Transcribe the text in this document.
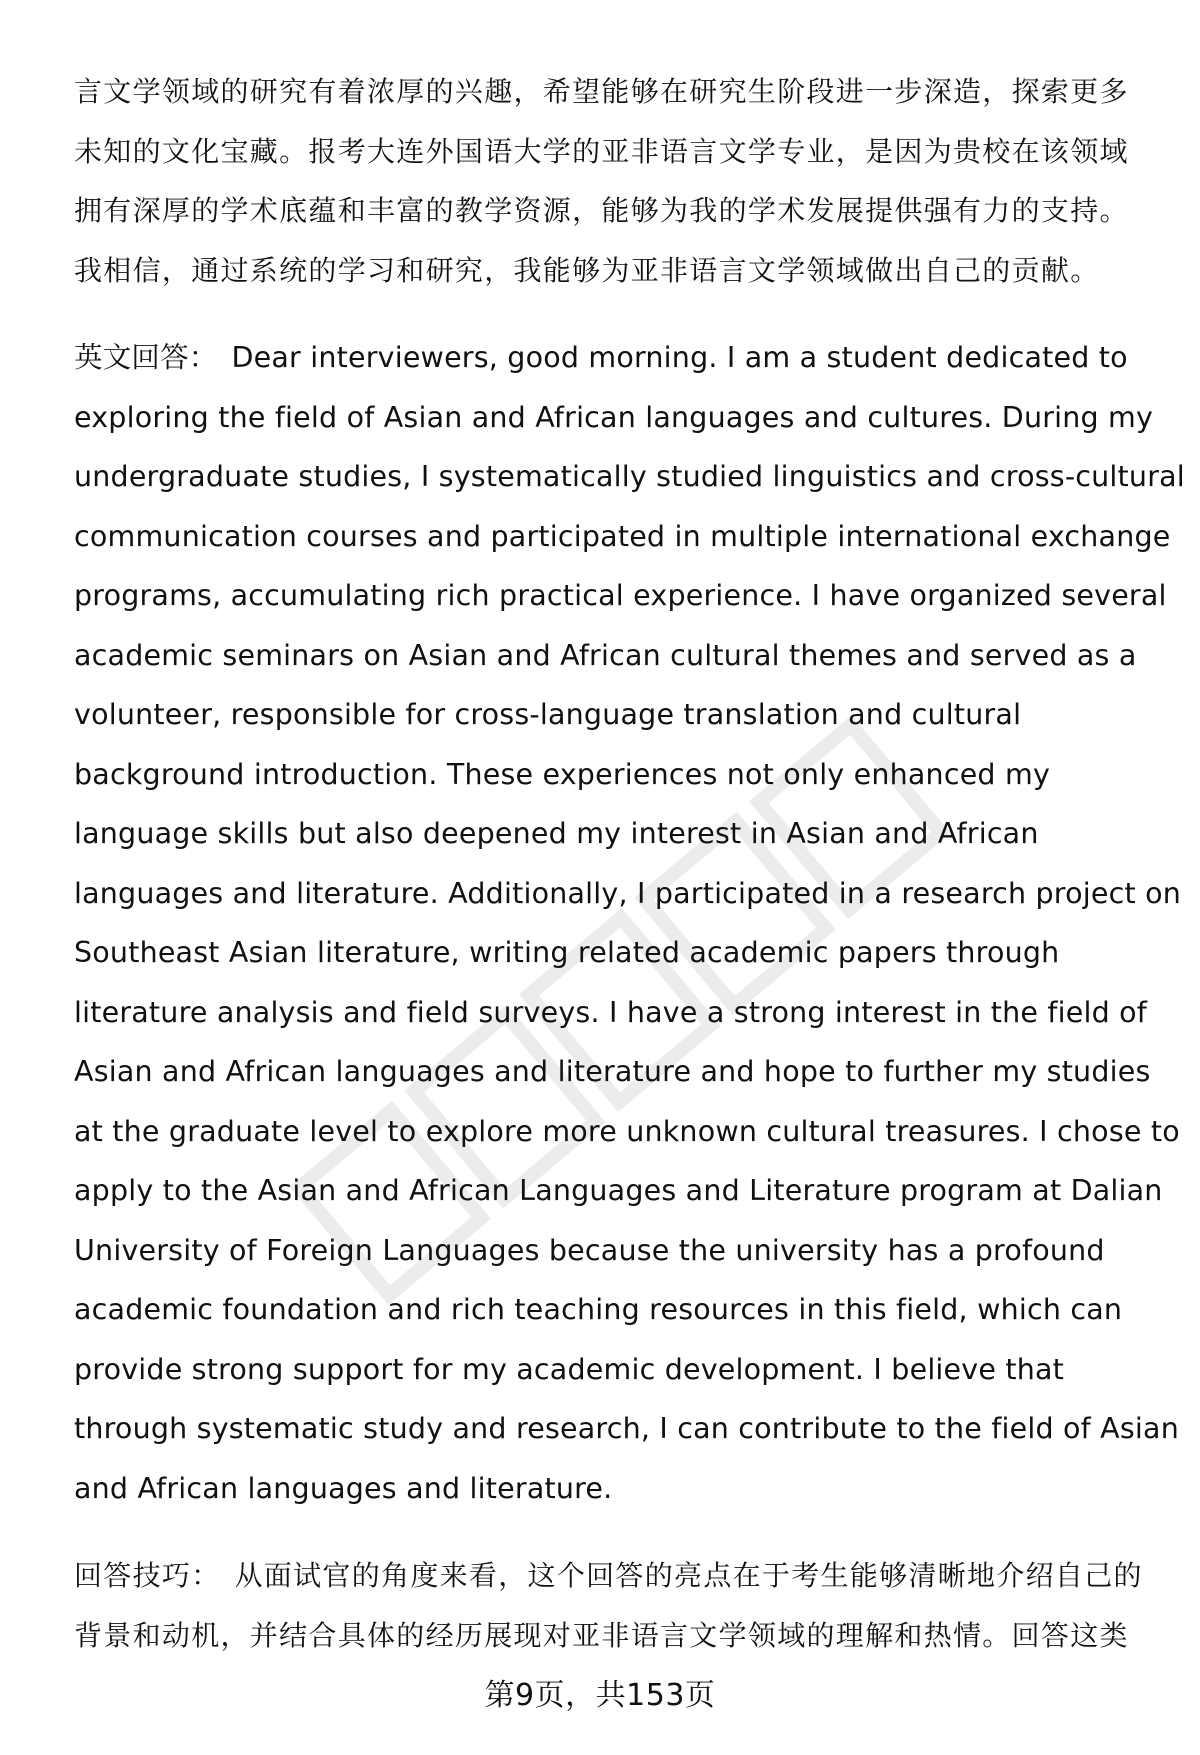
言文学领域的研究有着浓厚的兴趣，希望能够在研究生阶段进一步深造，探索更多
未知的文化宝藏。报考大连外国语大学的亚非语言文学专业，是因为贵校在该领域
拥有深厚的学术底蕴和丰富的教学资源，能够为我的学术发展提供强有力的支持。
我相信，通过系统的学习和研究，我能够为亚非语言文学领域做出自己的贡献。
英文回答： Dear interviewers, good morning. I am a student dedicated to
exploring the field of Asian and African languages and cultures. During my
undergraduate studies, I systematically studied linguistics and cross-cultural
communication courses and participated in multiple international exchange
programs, accumulating rich practical experience. I have organized several
academic seminars on Asian and African cultural themes and served as a
volunteer, responsible for cross-language translation and cultural
background introduction. These experiences not only enhanced my
language skills but also deepened my interest in Asian and African
languages and literature. Additionally, I participated in a research project on
Southeast Asian literature, writing related academic papers through
literature analysis and field surveys. I have a strong interest in the field of
Asian and African languages and literature and hope to further my studies
at the graduate level to explore more unknown cultural treasures. I chose to
apply to the Asian and African Languages and Literature program at Dalian
University of Foreign Languages because the university has a profound
academic foundation and rich teaching resources in this field, which can
provide strong support for my academic development. I believe that
through systematic study and research, I can contribute to the field of Asian
and African languages and literature.
回答技巧： 从面试官的角度来看，这个回答的亮点在于考生能够清晰地介绍自己的
背景和动机，并结合具体的经历展现对亚非语言文学领域的理解和热情。回答这类
第9页，共153页
